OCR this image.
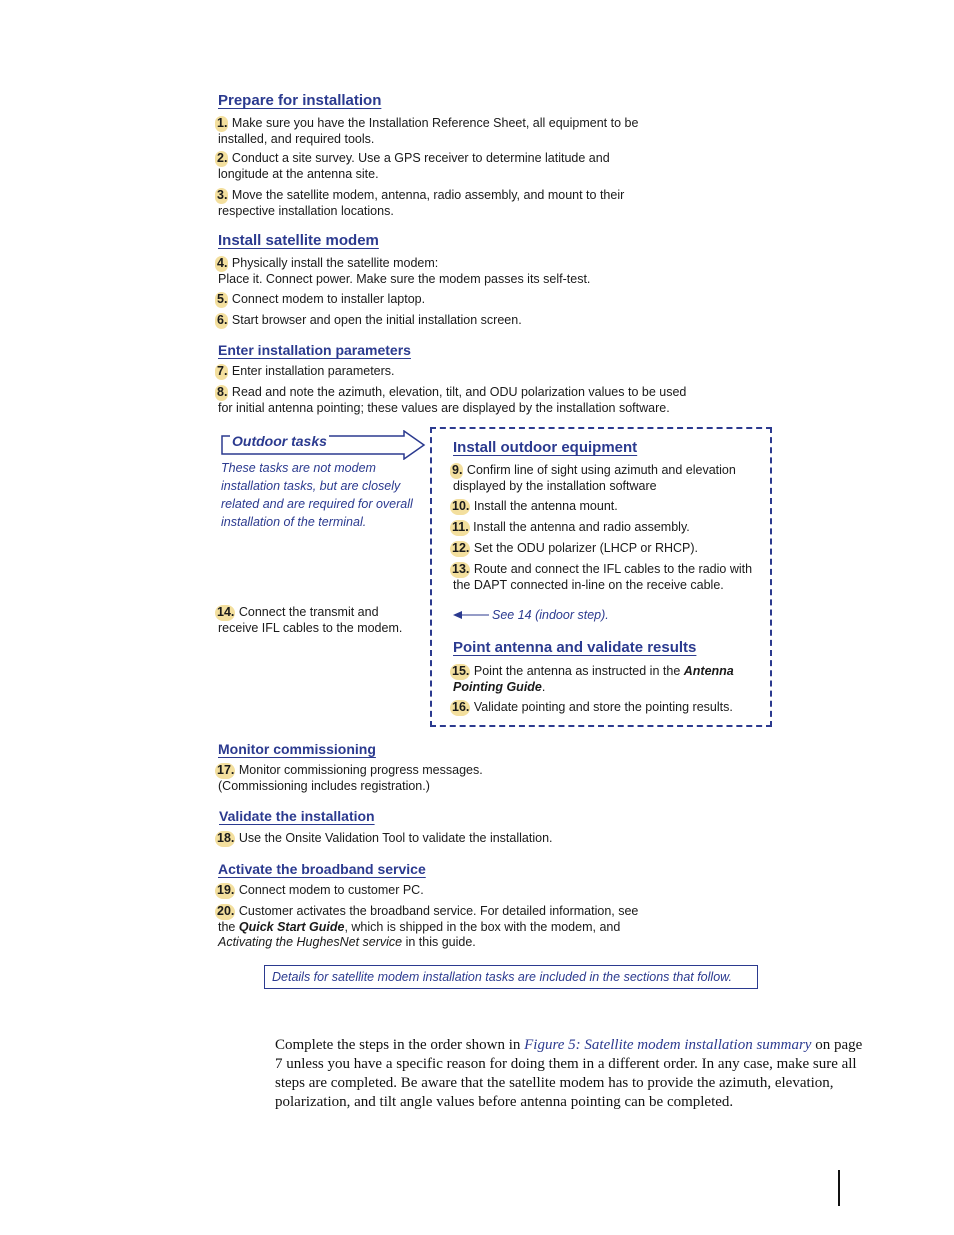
Prepare for installation
1. Make sure you have the Installation Reference Sheet, all equipment to be installed, and required tools.
2. Conduct a site survey. Use a GPS receiver to determine latitude and longitude at the antenna site.
3. Move the satellite modem, antenna, radio assembly, and mount to their respective installation locations.
Install satellite modem
4. Physically install the satellite modem:
Place it. Connect power. Make sure the modem passes its self-test.
5. Connect modem to installer laptop.
6. Start browser and open the initial installation screen.
Enter installation parameters
7. Enter installation parameters.
8. Read and note the azimuth, elevation, tilt, and ODU polarization values to be used for initial antenna pointing; these values are displayed by the installation software.
Outdoor tasks
These tasks are not modem installation tasks, but are closely related and are required for overall installation of the terminal.
14. Connect the transmit and receive IFL cables to the modem.
Install outdoor equipment
9. Confirm line of sight using azimuth and elevation displayed by the installation software
10. Install the antenna mount.
11. Install the antenna and radio assembly.
12. Set the ODU polarizer (LHCP or RHCP).
13. Route and connect the IFL cables to the radio with the DAPT connected in-line on the receive cable.
See 14 (indoor step).
Point antenna and validate results
15. Point the antenna as instructed in the Antenna Pointing Guide.
16. Validate pointing and store the pointing results.
Monitor commissioning
17. Monitor commissioning progress messages.
(Commissioning includes registration.)
Validate the installation
18. Use the Onsite Validation Tool to validate the installation.
Activate the broadband service
19. Connect modem to customer PC.
20. Customer activates the broadband service. For detailed information, see the Quick Start Guide, which is shipped in the box with the modem, and Activating the HughesNet service in this guide.
Details for satellite modem installation tasks are included in the sections that follow.
Complete the steps in the order shown in Figure 5: Satellite modem installation summary on page 7 unless you have a specific reason for doing them in a different order. In any case, make sure all steps are completed. Be aware that the satellite modem has to provide the azimuth, elevation, polarization, and tilt angle values before antenna pointing can be completed.
